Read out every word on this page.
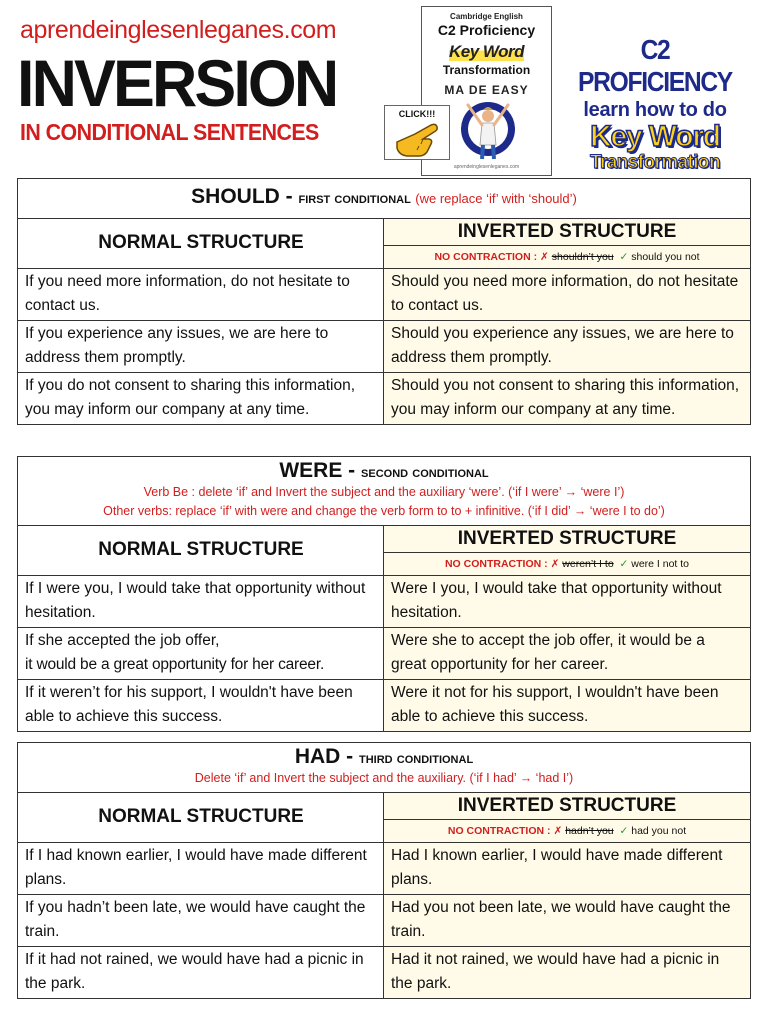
aprendeinglesenleganes.com
INVERSION
IN CONDITIONAL SENTENCES
Cambridge English
C2 Proficiency
Key Word
Transformation
MA DE EASY
aprendeinglesenleganes.com
CLICK!!!
C2 PROFICIENCY
learn how to do
Key Word
Transformation
SHOULD - first conditional (we replace ‘if’ with ‘should’)
NORMAL STRUCTURE
INVERTED STRUCTURE
NO CONTRACTION : ✗ shouldn’t you ✓ should you not
If you need more information, do not hesitate to contact us.
Should you need more information, do not hesitate to contact us.
If you experience any issues, we are here to address them promptly.
Should you experience any issues, we are here to address them promptly.
If you do not consent to sharing this information, you may inform our company at any time.
Should you not consent to sharing this information, you may inform our company at any time.
WERE - second conditional
Verb Be : delete ‘if’ and Invert the subject and the auxiliary ‘were’. (‘if I were’ → ‘were I’)
Other verbs: replace ‘if’ with were and change the verb form to to + infinitive. (‘if I did’ → ‘were I to do’)
NORMAL STRUCTURE
INVERTED STRUCTURE
NO CONTRACTION : ✗ weren’t I to ✓ were I not to
If I were you, I would take that opportunity without hesitation.
Were I you, I would take that opportunity without hesitation.
If she accepted the job offer,
it would be a great opportunity for her career.
Were she to accept the job offer, it would be a great opportunity for her career.
If it weren’t for his support, I wouldn't have been able to achieve this success.
Were it not for his support, I wouldn't have been able to achieve this success.
HAD - third conditional
Delete ‘if’ and Invert the subject and the auxiliary. (‘if I had’ → ‘had I’)
NORMAL STRUCTURE
INVERTED STRUCTURE
NO CONTRACTION : ✗ hadn’t you ✓ had you not
If I had known earlier, I would have made different plans.
Had I known earlier, I would have made different plans.
If you hadn’t been late, we would have caught the train.
Had you not been late, we would have caught the train.
If it had not rained, we would have had a picnic in the park.
Had it not rained, we would have had a picnic in the park.
